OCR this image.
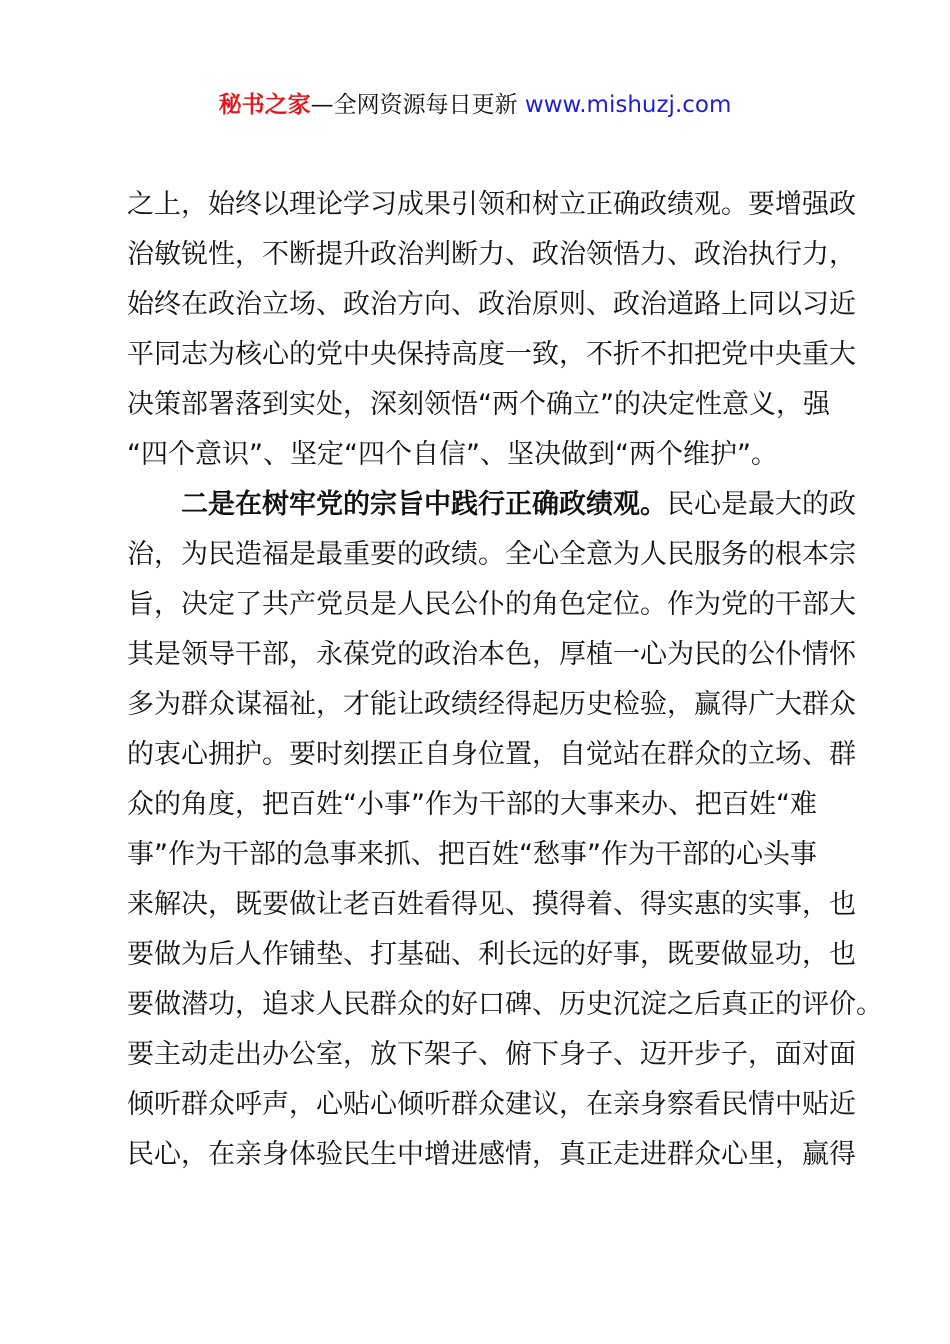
秘书之家—全网资源每日更新 www.mishuzj.com
之上，始终以理论学习成果引领和树立正确政绩观。要增强政
治敏锐性，不断提升政治判断力、政治领悟力、政治执行力，
始终在政治立场、政治方向、政治原则、政治道路上同以习近
平同志为核心的党中央保持高度一致，不折不扣把党中央重大
决策部署落到实处，深刻领悟“两个确立”的决定性意义，强
“四个意识”、坚定“四个自信”、坚决做到“两个维护”。
二是在树牢党的宗旨中践行正确政绩观。民心是最大的政
治，为民造福是最重要的政绩。全心全意为人民服务的根本宗
旨，决定了共产党员是人民公仆的角色定位。作为党的干部大
其是领导干部，永葆党的政治本色，厚植一心为民的公仆情怀
多为群众谋福祉，才能让政绩经得起历史检验，赢得广大群众
的衷心拥护。要时刻摆正自身位置，自觉站在群众的立场、群
众的角度，把百姓“小事”作为干部的大事来办、把百姓“难
事”作为干部的急事来抓、把百姓“愁事”作为干部的心头事
来解决，既要做让老百姓看得见、摸得着、得实惠的实事，也
要做为后人作铺垫、打基础、利长远的好事，既要做显功，也
要做潜功，追求人民群众的好口碑、历史沉淀之后真正的评价。
要主动走出办公室，放下架子、俯下身子、迈开步子，面对面
倾听群众呼声，心贴心倾听群众建议，在亲身察看民情中贴近
民心，在亲身体验民生中增进感情，真正走进群众心里，赢得
